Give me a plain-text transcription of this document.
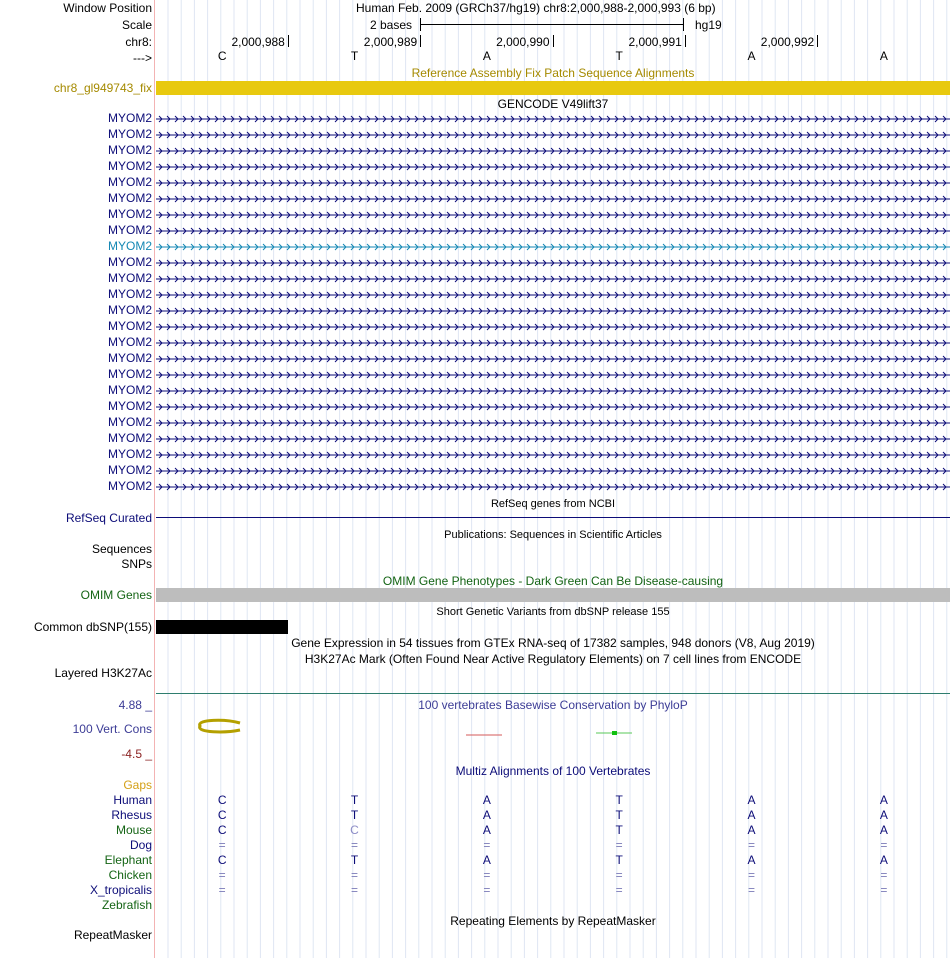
Window Position	Human Feb. 2009 (GRCh37/hg19) chr8:2,000,988-2,000,993 (6 bp)
Scale	2 bases	hg19
chr8:	2,000,988	2,000,989	2,000,990	2,000,991	2,000,992
--->	C	T	A	T	A	A
Reference Assembly Fix Patch Sequence Alignments
chr8_gl949743_fix
GENCODE V49lift37
MYOM2
MYOM2
MYOM2
MYOM2
MYOM2
MYOM2
MYOM2
MYOM2
MYOM2
MYOM2
MYOM2
MYOM2
MYOM2
MYOM2
MYOM2
MYOM2
MYOM2
MYOM2
MYOM2
MYOM2
MYOM2
MYOM2
MYOM2
MYOM2
RefSeq genes from NCBI
RefSeq Curated
Publications: Sequences in Scientific Articles
Sequences
SNPs
OMIM Gene Phenotypes - Dark Green Can Be Disease-causing
OMIM Genes
Short Genetic Variants from dbSNP release 155
Common dbSNP(155)
Gene Expression in 54 tissues from GTEx RNA-seq of 17382 samples, 948 donors (V8, Aug 2019)
H3K27Ac Mark (Often Found Near Active Regulatory Elements) on 7 cell lines from ENCODE
Layered H3K27Ac
100 vertebrates Basewise Conservation by PhyloP
4.88 _
100 Vert. Cons
-4.5 _
Multiz Alignments of 100 Vertebrates
Gaps
Human	C	T	A	T	A	A
Rhesus	C	T	A	T	A	A
Mouse	C	C	A	T	A	A
Dog	=	=	=	=	=	=
Elephant	C	T	A	T	A	A
Chicken	=	=	=	=	=	=
X_tropicalis	=	=	=	=	=	=
Zebrafish
Repeating Elements by RepeatMasker
RepeatMasker
